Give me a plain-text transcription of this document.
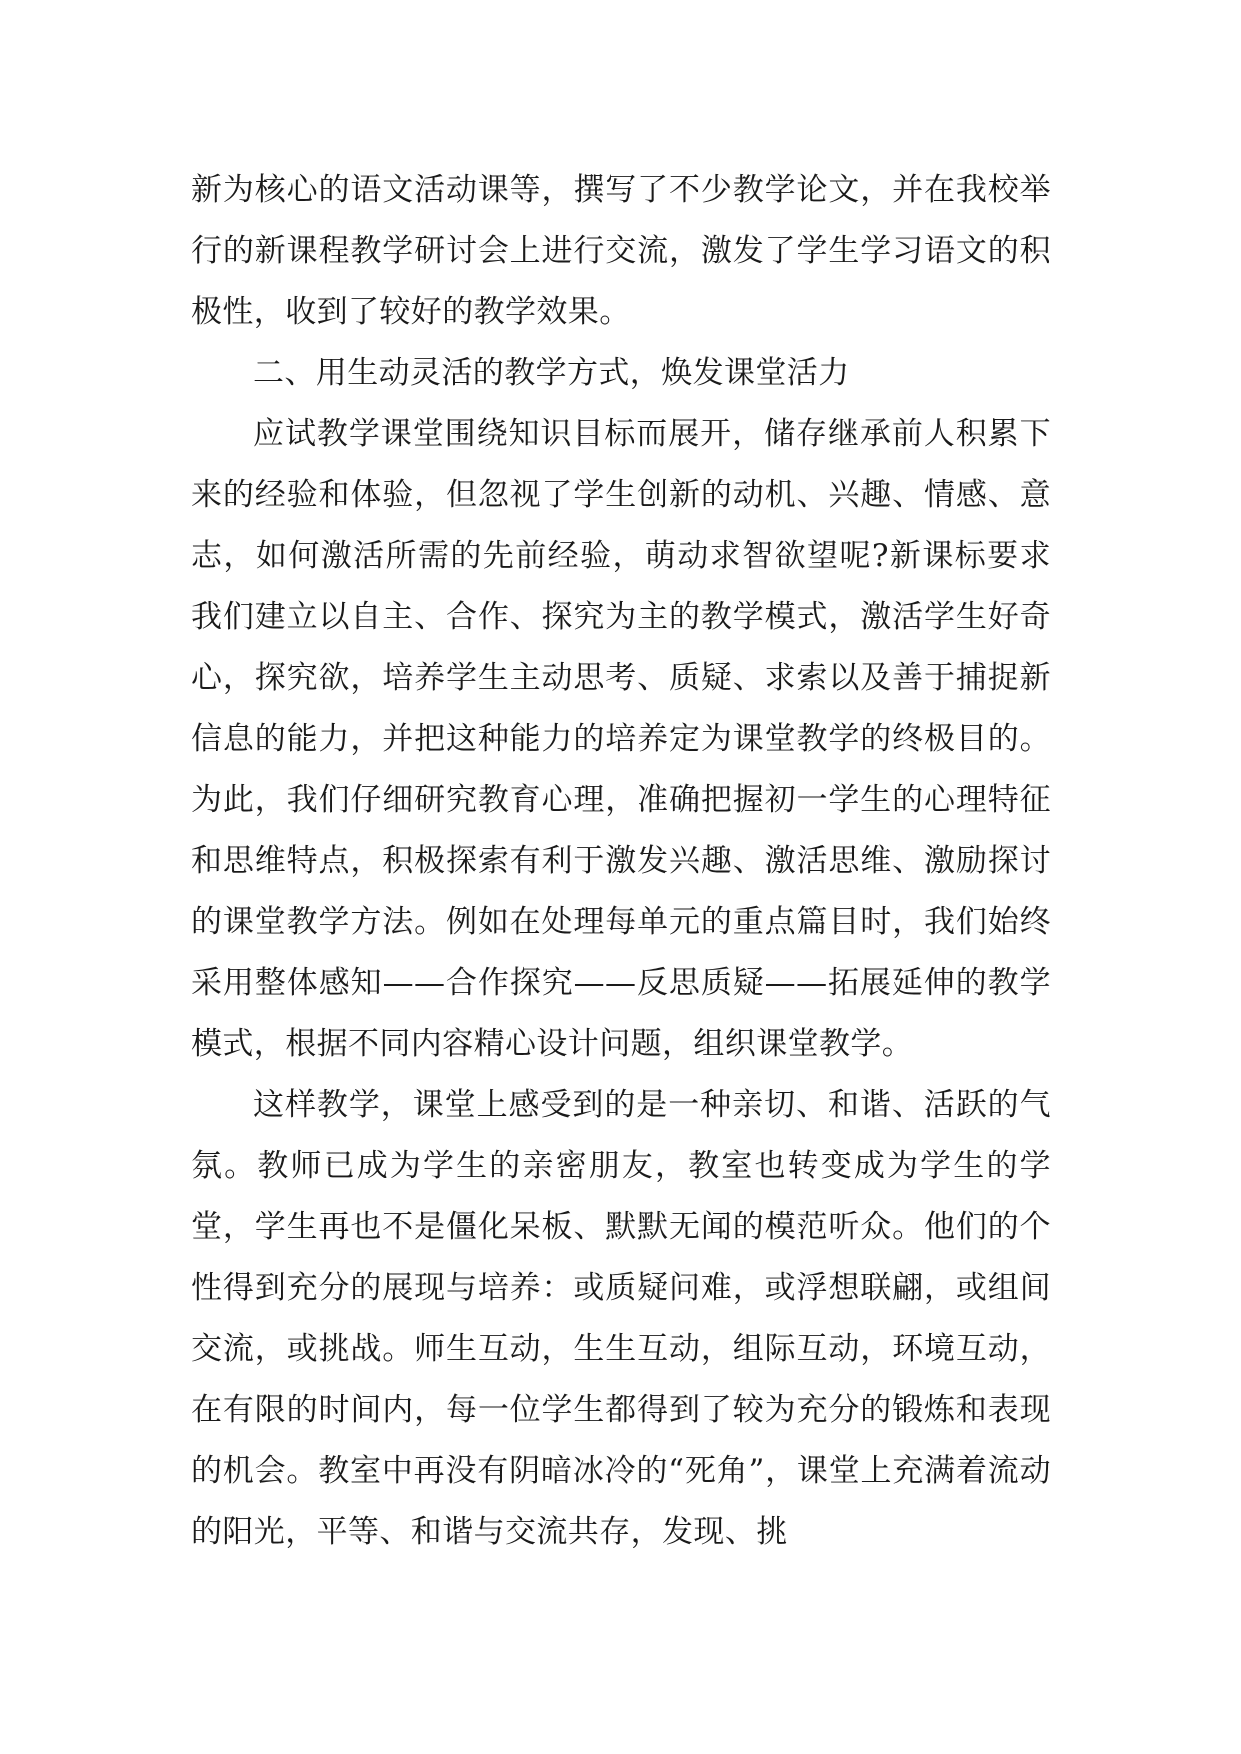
新为核心的语文活动课等，撰写了不少教学论文，并在我校举行的新课程教学研讨会上进行交流，激发了学生学习语文的积极性，收到了较好的教学效果。

二、用生动灵活的教学方式，焕发课堂活力

应试教学课堂围绕知识目标而展开，储存继承前人积累下来的经验和体验，但忽视了学生创新的动机、兴趣、情感、意志，如何激活所需的先前经验，萌动求智欲望呢?新课标要求我们建立以自主、合作、探究为主的教学模式，激活学生好奇心，探究欲，培养学生主动思考、质疑、求索以及善于捕捉新信息的能力，并把这种能力的培养定为课堂教学的终极目的。为此，我们仔细研究教育心理，准确把握初一学生的心理特征和思维特点，积极探索有利于激发兴趣、激活思维、激励探讨的课堂教学方法。例如在处理每单元的重点篇目时，我们始终采用整体感知——合作探究——反思质疑——拓展延伸的教学模式，根据不同内容精心设计问题，组织课堂教学。

这样教学，课堂上感受到的是一种亲切、和谐、活跃的气氛。教师已成为学生的亲密朋友，教室也转变成为学生的学堂，学生再也不是僵化呆板、默默无闻的模范听众。他们的个性得到充分的展现与培养：或质疑问难，或浮想联翩，或组间交流，或挑战。师生互动，生生互动，组际互动，环境互动，在有限的时间内，每一位学生都得到了较为充分的锻炼和表现的机会。教室中再没有阴暗冰冷的“死角”，课堂上充满着流动的阳光，平等、和谐与交流共存，发现、挑
